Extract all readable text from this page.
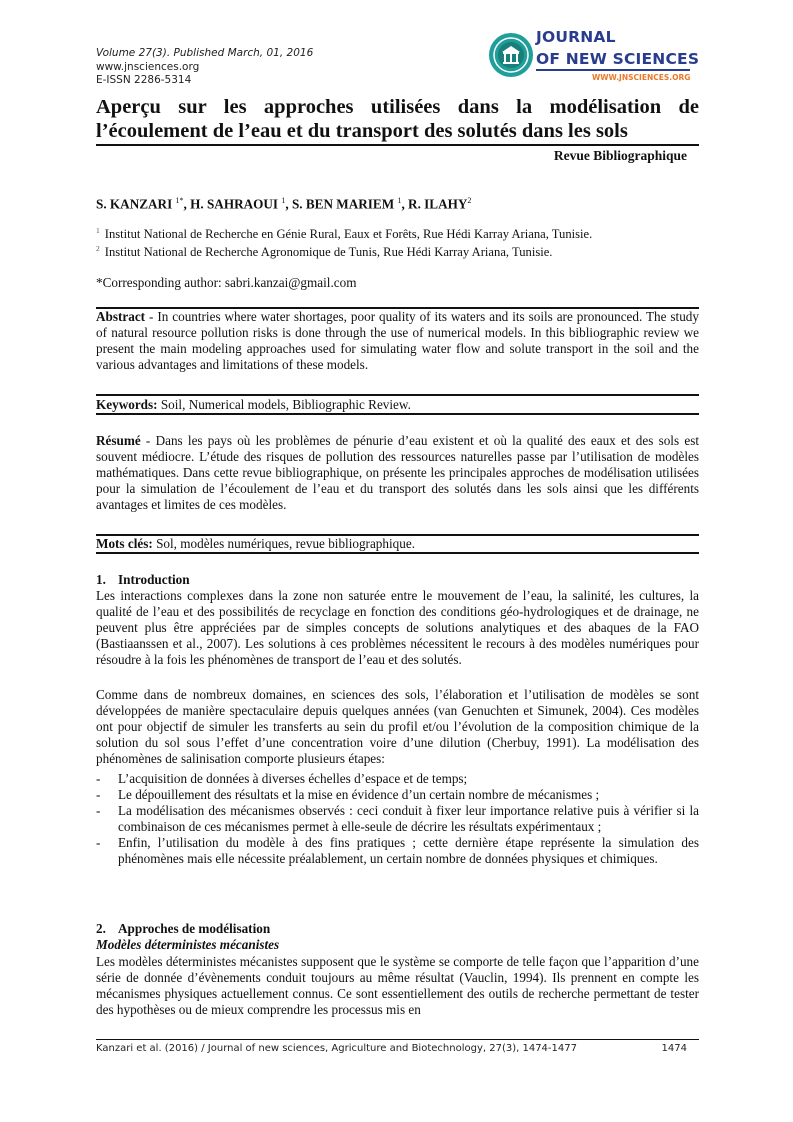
Volume 27(3). Published March, 01, 2016
www.jnsciences.org
E-ISSN 2286-5314
JOURNAL
OF NEW SCIENCES
WWW.JNSCIENCES.ORG
Aperçu sur les approches utilisées dans la modélisation de l’écoulement de l’eau et du transport des solutés dans les sols
Revue Bibliographique
S. KANZARI $^{1*}$, H. SAHRAOUI $^1$, S. BEN MARIEM $^1$, R. ILAHY$^2$
$^1$ Institut National de Recherche en Génie Rural, Eaux et Forêts, Rue Hédi Karray Ariana, Tunisie.
$^2$ Institut National de Recherche Agronomique de Tunis, Rue Hédi Karray Ariana, Tunisie.
*Corresponding author: sabri.kanzai@gmail.com
Abstract - In countries where water shortages, poor quality of its waters and its soils are pronounced. The study of natural resource pollution risks is done through the use of numerical models. In this bibliographic review we present the main modeling approaches used for simulating water flow and solute transport in the soil and the various advantages and limitations of these models.
Keywords: Soil, Numerical models, Bibliographic Review.
Résumé - Dans les pays où les problèmes de pénurie d’eau existent et où la qualité des eaux et des sols est souvent médiocre. L’étude des risques de pollution des ressources naturelles passe par l’utilisation de modèles mathématiques. Dans cette revue bibliographique, on présente les principales approches de modélisation utilisées pour la simulation de l’écoulement de l’eau et du transport des solutés dans les sols ainsi que les différents avantages et limites de ces modèles.
Mots clés: Sol, modèles numériques, revue bibliographique.
1. Introduction
Les interactions complexes dans la zone non saturée entre le mouvement de l’eau, la salinité, les cultures, la qualité de l’eau et des possibilités de recyclage en fonction des conditions géo-hydrologiques et de drainage, ne peuvent plus être appréciées par de simples concepts de solutions analytiques et des abaques de la FAO (Bastiaanssen et al., 2007). Les solutions à ces problèmes nécessitent le recours à des modèles numériques pour résoudre à la fois les phénomènes de transport de l’eau et des solutés.
Comme dans de nombreux domaines, en sciences des sols, l’élaboration et l’utilisation de modèles se sont développées de manière spectaculaire depuis quelques années (van Genuchten et Simunek, 2004). Ces modèles ont pour objectif de simuler les transferts au sein du profil et/ou l’évolution de la composition chimique de la solution du sol sous l’effet d’une concentration voire d’une dilution (Cherbuy, 1991). La modélisation des phénomènes de salinisation comporte plusieurs étapes:
- L’acquisition de données à diverses échelles d’espace et de temps;
- Le dépouillement des résultats et la mise en évidence d’un certain nombre de mécanismes ;
- La modélisation des mécanismes observés : ceci conduit à fixer leur importance relative puis à vérifier si la combinaison de ces mécanismes permet à elle-seule de décrire les résultats expérimentaux ;
- Enfin, l’utilisation du modèle à des fins pratiques ; cette dernière étape représente la simulation des phénomènes mais elle nécessite préalablement, un certain nombre de données physiques et chimiques.
2. Approches de modélisation
Modèles déterministes mécanistes
Les modèles déterministes mécanistes supposent que le système se comporte de telle façon que l’apparition d’une série de donnée d’évènements conduit toujours au même résultat (Vauclin, 1994). Ils prennent en compte les mécanismes physiques actuellement connus. Ce sont essentiellement des outils de recherche permettant de tester des hypothèses ou de mieux comprendre les processus mis en
Kanzari et al. (2016) / Journal of new sciences, Agriculture and Biotechnology, 27(3), 1474-1477	1474
